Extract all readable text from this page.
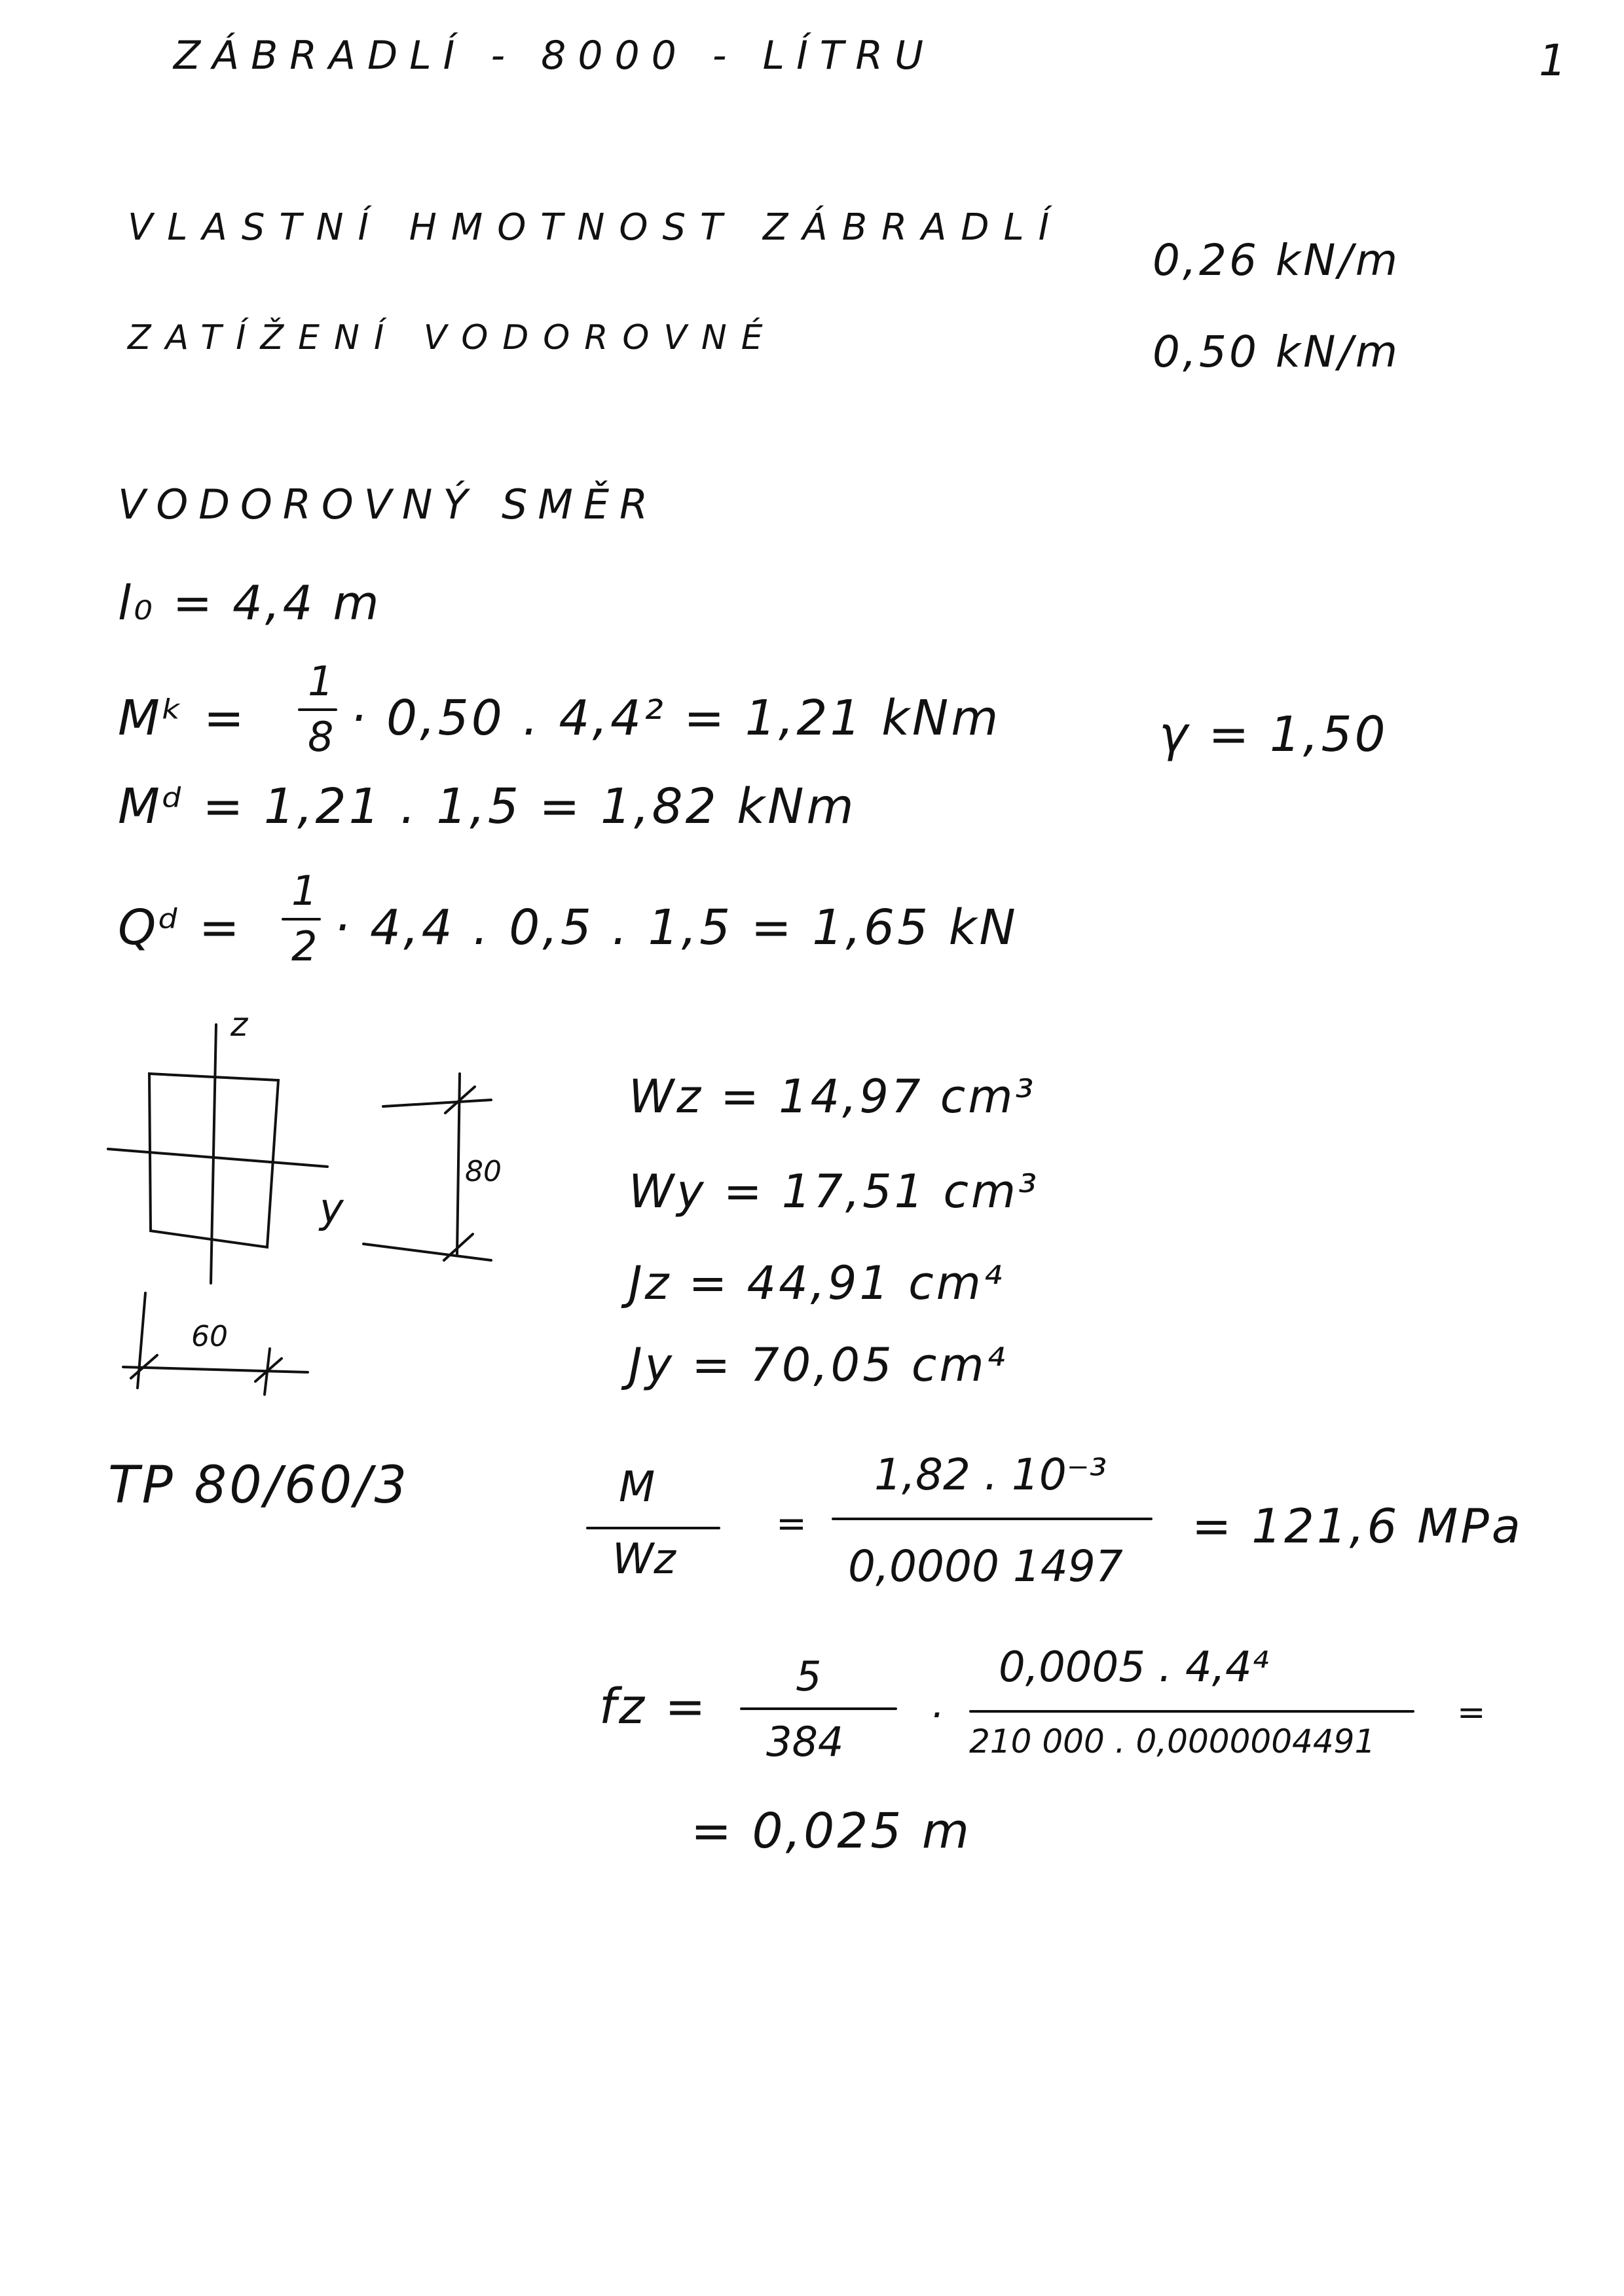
ZÁBRADLÍ - 8000 - LÍTRU	1
VLASTNÍ HMOTNOST ZÁBRADLÍ
0,26 kN/m
ZATÍŽENÍ VODOROVNÉ	0,50 kN/m
VODOROVNÝ SMĚR
l₀ = 4,4 m
Mᵏ =
1
8 · 0,50 . 4,4² = 1,21 kNm	γ = 1,50
Mᵈ = 1,21 . 1,5 = 1,82 kNm
Qᵈ =
1
2 · 4,4 . 0,5 . 1,5 = 1,65 kN
z
y
80
60
Wz = 14,97 cm³
Wy = 17,51 cm³
Jz = 44,91 cm⁴
Jy = 70,05 cm⁴
TP 80/60/3	M
Wz
=
1,82 . 10⁻³
0,0000 1497
= 121,6 MPa
fz =
5
384
·
0,0005 . 4,4⁴
210 000 . 0,0000004491
=
= 0,025 m
